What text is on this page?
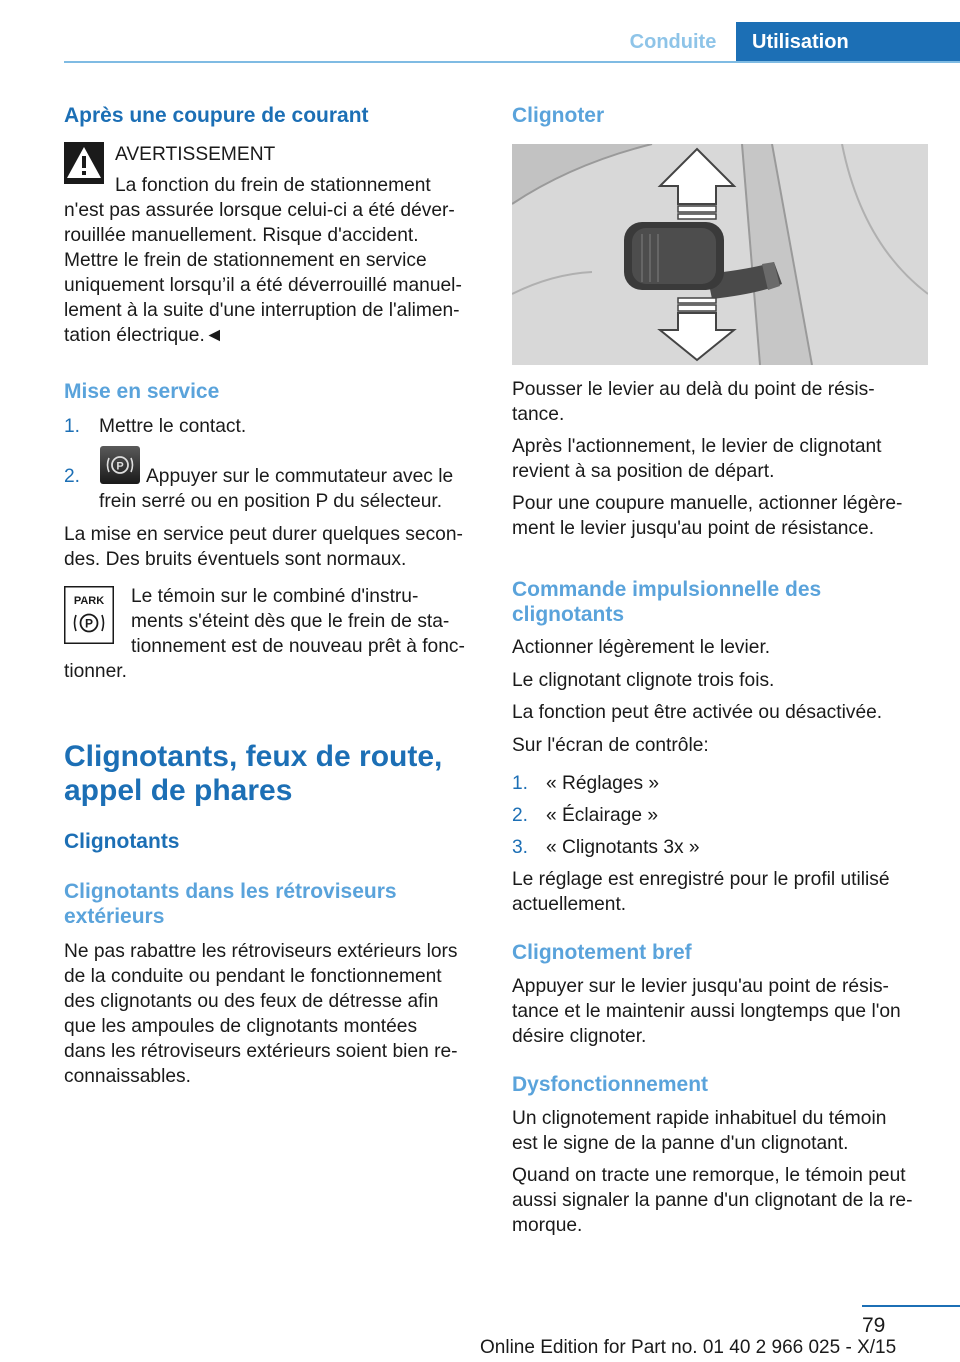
Conduite	Utilisation
Après une coupure de courant
AVERTISSEMENT
La fonction du frein de stationnement
n'est pas assurée lorsque celui-ci a été déver-
rouillée manuellement. Risque d'accident.
Mettre le frein de stationnement en service
uniquement lorsqu’il a été déverrouillé manuel-
lement à la suite d'une interruption de l'alimen-
tation électrique.◄
Mise en service
1. Mettre le contact.
2.	P Appuyer sur le commutateur avec le
frein serré ou en position P du sélecteur.
La mise en service peut durer quelques secon-
des. Des bruits éventuels sont normaux.
PARK
P
Le témoin sur le combiné d'instru-
ments s'éteint dès que le frein de sta-
tionnement est de nouveau prêt à fonc-
tionner.
Clignotants, feux de route,
appel de phares
Clignotants
Clignotants dans les rétroviseurs
extérieurs
Ne pas rabattre les rétroviseurs extérieurs lors
de la conduite ou pendant le fonctionnement
des clignotants ou des feux de détresse afin
que les ampoules de clignotants montées
dans les rétroviseurs extérieurs soient bien re-
connaissables.
Clignoter
Pousser le levier au delà du point de résis-
tance.
Après l'actionnement, le levier de clignotant
revient à sa position de départ.
Pour une coupure manuelle, actionner légère-
ment le levier jusqu'au point de résistance.
Commande impulsionnelle des
clignotants
Actionner légèrement le levier.
Le clignotant clignote trois fois.
La fonction peut être activée ou désactivée.
Sur l'écran de contrôle:
1. « Réglages »
2. « Éclairage »
3. « Clignotants 3x »
Le réglage est enregistré pour le profil utilisé
actuellement.
Clignotement bref
Appuyer sur le levier jusqu'au point de résis-
tance et le maintenir aussi longtemps que l'on
désire clignoter.
Dysfonctionnement
Un clignotement rapide inhabituel du témoin
est le signe de la panne d'un clignotant.
Quand on tracte une remorque, le témoin peut
aussi signaler la panne d'un clignotant de la re-
morque.
79
Online Edition for Part no. 01 40 2 966 025 - X/15
